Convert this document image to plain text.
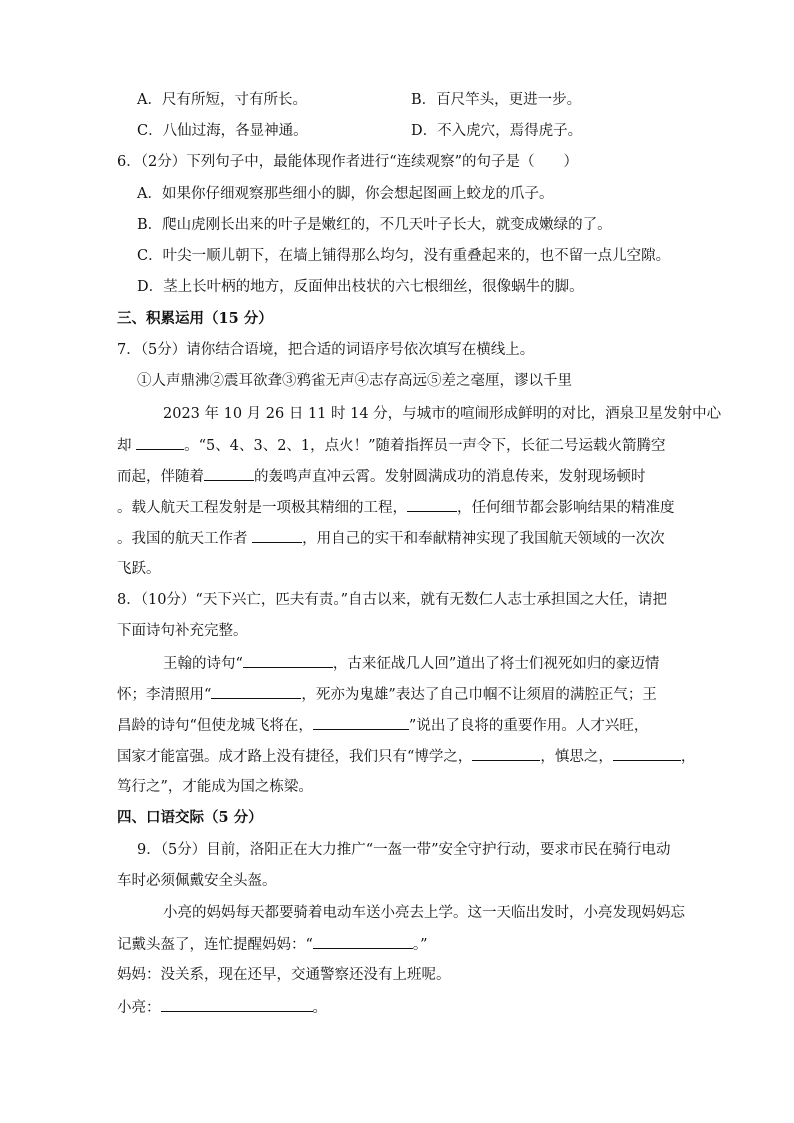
A．尺有所短，寸有所长。	B．百尺竿头，更进一步。
C．八仙过海，各显神通。	D．不入虎穴，焉得虎子。
6．（2分）下列句子中，最能体现作者进行“连续观察”的句子是（　　）
A．如果你仔细观察那些细小的脚，你会想起图画上蛟龙的爪子。
B．爬山虎刚长出来的叶子是嫩红的，不几天叶子长大，就变成嫩绿的了。
C．叶尖一顺儿朝下，在墙上铺得那么均匀，没有重叠起来的，也不留一点儿空隙。
D．茎上长叶柄的地方，反面伸出枝状的六七根细丝，很像蜗牛的脚。
三、积累运用（15 分）
7．（5分）请你结合语境，把合适的词语序号依次填写在横线上。
①人声鼎沸②震耳欲聋③鸦雀无声④志存高远⑤差之毫厘，谬以千里
2023 年 10 月 26 日 11 时 14 分，与城市的喧闹形成鲜明的对比，酒泉卫星发射中心
却	。“5、4、3、2、1，点火！”随着指挥员一声令下，长征二号运载火箭腾空
而起，伴随着	的轰鸣声直冲云霄。发射圆满成功的消息传来，发射现场顿时
。载人航天工程发射是一项极其精细的工程，	，任何细节都会影响结果的精准度
。我国的航天工作者	，用自己的实干和奉献精神实现了我国航天领域的一次次
飞跃。
8．（10分）“天下兴亡，匹夫有责。”自古以来，就有无数仁人志士承担国之大任，请把
下面诗句补充完整。
王翰的诗句“	，古来征战几人回”道出了将士们视死如归的豪迈情
怀；李清照用“	，死亦为鬼雄”表达了自己巾帼不让须眉的满腔正气；王
昌龄的诗句“但使龙城飞将在，	”说出了良将的重要作用。人才兴旺，
国家才能富强。成才路上没有捷径，我们只有“博学之，	，慎思之，	，
笃行之”，才能成为国之栋梁。
四、口语交际（5 分）
9．（5分）目前，洛阳正在大力推广“一盔一带”安全守护行动，要求市民在骑行电动
车时必须佩戴安全头盔。
小亮的妈妈每天都要骑着电动车送小亮去上学。这一天临出发时，小亮发现妈妈忘
记戴头盔了，连忙提醒妈妈：“	。”
妈妈：没关系，现在还早，交通警察还没有上班呢。
小亮：	。
